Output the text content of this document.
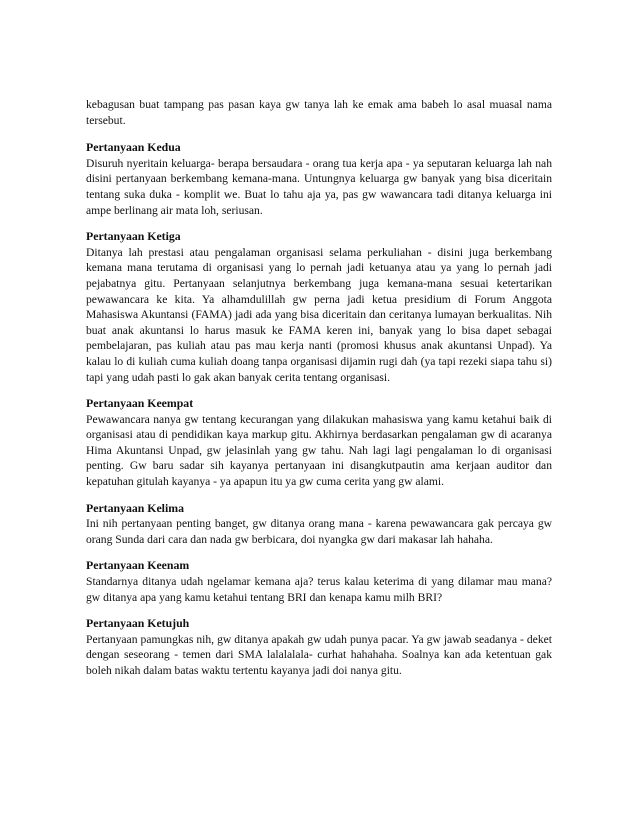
kebagusan buat tampang pas pasan kaya gw tanya lah ke emak ama babeh lo asal muasal nama tersebut.

Pertanyaan Kedua

Disuruh nyeritain keluarga- berapa bersaudara - orang tua kerja apa - ya seputaran keluarga lah nah disini pertanyaan berkembang kemana-mana. Untungnya keluarga gw banyak yang bisa diceritain tentang suka duka - komplit we. Buat lo tahu aja ya, pas gw wawancara tadi ditanya keluarga ini ampe berlinang air mata loh, seriusan.

Pertanyaan Ketiga

Ditanya lah prestasi atau pengalaman organisasi selama perkuliahan - disini juga berkembang kemana mana terutama di organisasi yang lo pernah jadi ketuanya atau ya yang lo pernah jadi pejabatnya gitu. Pertanyaan selanjutnya berkembang juga kemana-mana sesuai ketertarikan pewawancara ke kita. Ya alhamdulillah gw perna jadi ketua presidium di Forum Anggota Mahasiswa Akuntansi (FAMA) jadi ada yang bisa diceritain dan ceritanya lumayan berkualitas. Nih buat anak akuntansi lo harus masuk ke FAMA keren ini, banyak yang lo bisa dapet sebagai pembelajaran, pas kuliah atau pas mau kerja nanti (promosi khusus anak akuntansi Unpad). Ya kalau lo di kuliah cuma kuliah doang tanpa organisasi dijamin rugi dah (ya tapi rezeki siapa tahu si) tapi yang udah pasti lo gak akan banyak cerita tentang organisasi.

Pertanyaan Keempat

Pewawancara nanya gw tentang kecurangan yang dilakukan mahasiswa yang kamu ketahui baik di organisasi atau di pendidikan kaya markup gitu. Akhirnya berdasarkan pengalaman gw di acaranya Hima Akuntansi Unpad, gw jelasinlah yang gw tahu. Nah lagi lagi pengalaman lo di organisasi penting. Gw baru sadar sih kayanya pertanyaan ini disangkutpautin ama kerjaan auditor dan kepatuhan gitulah kayanya - ya apapun itu ya gw cuma cerita yang gw alami.

Pertanyaan Kelima

Ini nih pertanyaan penting banget, gw ditanya orang mana - karena pewawancara gak percaya gw orang Sunda dari cara dan nada gw berbicara, doi nyangka gw dari makasar lah hahaha.

Pertanyaan Keenam

Standarnya ditanya udah ngelamar kemana aja? terus kalau keterima di yang dilamar mau mana? gw ditanya apa yang kamu ketahui tentang BRI dan kenapa kamu milh BRI?

Pertanyaan Ketujuh

Pertanyaan pamungkas nih, gw ditanya apakah gw udah punya pacar. Ya gw jawab seadanya - deket dengan seseorang - temen dari SMA lalalalala- curhat hahahaha. Soalnya kan ada ketentuan gak boleh nikah dalam batas waktu tertentu kayanya jadi doi nanya gitu.
